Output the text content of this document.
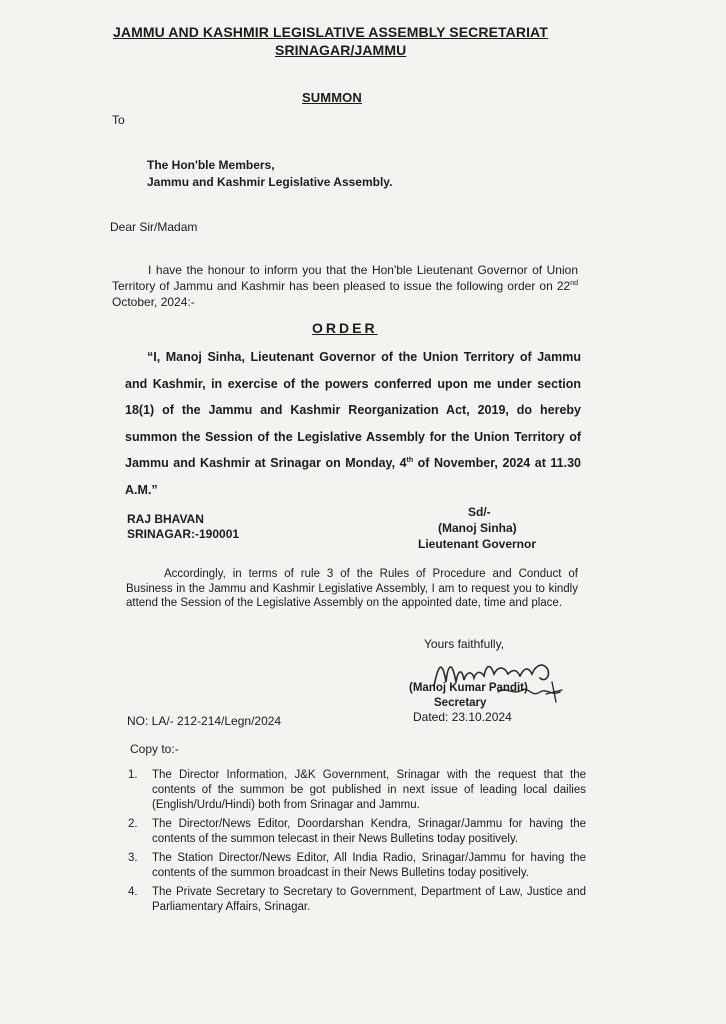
JAMMU AND KASHMIR LEGISLATIVE ASSEMBLY SECRETARIAT
SRINAGAR/JAMMU
SUMMON
To
The Hon'ble Members,
Jammu and Kashmir Legislative Assembly.
Dear Sir/Madam
I have the honour to inform you that the Hon'ble Lieutenant Governor of Union Territory of Jammu and Kashmir has been pleased to issue the following order on 22nd October, 2024:-
ORDER
“I, Manoj Sinha, Lieutenant Governor of the Union Territory of Jammu and Kashmir, in exercise of the powers conferred upon me under section 18(1) of the Jammu and Kashmir Reorganization Act, 2019, do hereby summon the Session of the Legislative Assembly for the Union Territory of Jammu and Kashmir at Srinagar on Monday, 4th of November, 2024 at 11.30 A.M.”
RAJ BHAVAN
SRINAGAR:-190001
Sd/-
(Manoj Sinha)
Lieutenant Governor
Accordingly, in terms of rule 3 of the Rules of Procedure and Conduct of Business in the Jammu and Kashmir Legislative Assembly, I am to request you to kindly attend the Session of the Legislative Assembly on the appointed date, time and place.
Yours faithfully,
(Manoj Kumar Pandit)
Secretary
Dated: 23.10.2024
NO: LA/- 212-214/Legn/2024
Copy to:-
1. The Director Information, J&K Government, Srinagar with the request that the contents of the summon be got published in next issue of leading local dailies (English/Urdu/Hindi) both from Srinagar and Jammu.
2. The Director/News Editor, Doordarshan Kendra, Srinagar/Jammu for having the contents of the summon telecast in their News Bulletins today positively.
3. The Station Director/News Editor, All India Radio, Srinagar/Jammu for having the contents of the summon broadcast in their News Bulletins today positively.
4. The Private Secretary to Secretary to Government, Department of Law, Justice and Parliamentary Affairs, Srinagar.
